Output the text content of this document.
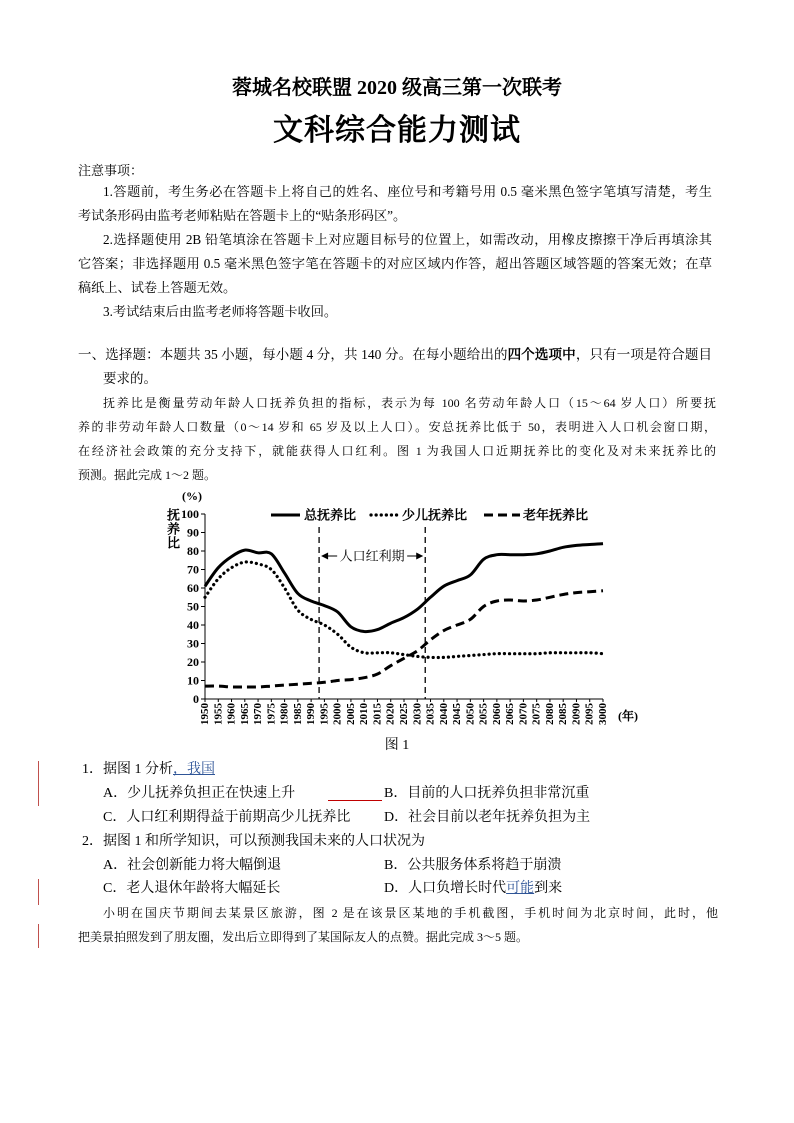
蓉城名校联盟 2020 级高三第一次联考
文科综合能力测试
注意事项：
1.答题前，考生务必在答题卡上将自己的姓名、座位号和考籍号用 0.5 毫米黑色签字笔填写清楚，考生
考试条形码由监考老师粘贴在答题卡上的“贴条形码区”。
2.选择题使用 2B 铅笔填涂在答题卡上对应题目标号的位置上，如需改动，用橡皮擦擦干净后再填涂其
它答案；非选择题用 0.5 毫米黑色签字笔在答题卡的对应区域内作答，超出答题区域答题的答案无效；在草
稿纸上、试卷上答题无效。
3.考试结束后由监考老师将答题卡收回。
一、选择题：本题共 35 小题，每小题 4 分，共 140 分。在每小题给出的四个选项中，只有一项是符合题目
要求的。
抚养比是衡量劳动年龄人口抚养负担的指标，表示为每 100 名劳动年龄人口（15～64 岁人口）所要抚
养的非劳动年龄人口数量（0～14 岁和 65 岁及以上人口）。安总抚养比低于 50，表明进入人口机会窗口期，
在经济社会政策的充分支持下，就能获得人口红利。图 1 为我国人口近期抚养比的变化及对未来抚养比的
预测。据此完成 1～2 题。
(%)
总抚养比	少儿抚养比	老年抚养比
0
10
20
30
40
50
60
70
80
90
100
1950 1955 1960 1965 1970 1975 1980 1985 1990 1995 2000 2005 2010 2015 2020 2025 2030 2035 2040 2045 2050 2055 2060 2065 2070 2075 2080 2085 2090 2095 3000
人口红利期
(年)
抚养比
图 1
1．据图 1 分析，我国
A．少儿抚养负担正在快速上升	B．目前的人口抚养负担非常沉重
C．人口红利期得益于前期高少儿抚养比 D．社会目前以老年抚养负担为主
2．据图 1 和所学知识，可以预测我国未来的人口状况为
A．社会创新能力将大幅倒退	B．公共服务体系将趋于崩溃
C．老人退休年龄将大幅延长	D．人口负增长时代可能到来
小明在国庆节期间去某景区旅游，图 2 是在该景区某地的手机截图，手机时间为北京时间，此时，他
把美景拍照发到了朋友圈，发出后立即得到了某国际友人的点赞。据此完成 3～5 题。
